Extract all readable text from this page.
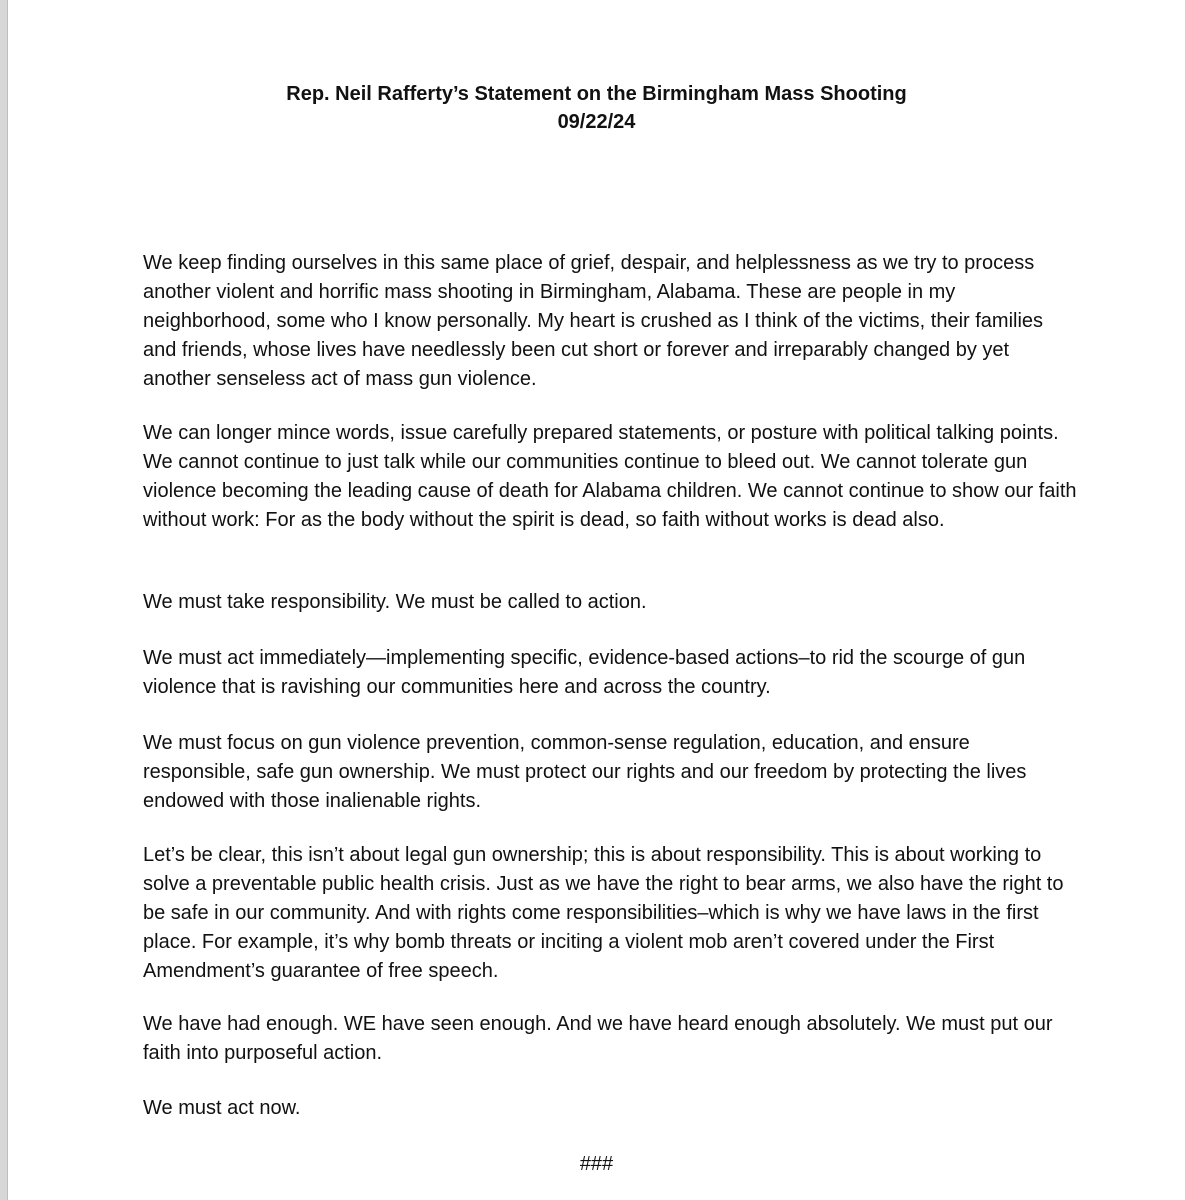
Rep. Neil Rafferty’s Statement on the Birmingham Mass Shooting
09/22/24

We keep finding ourselves in this same place of grief, despair, and helplessness as we try to process another violent and horrific mass shooting in Birmingham, Alabama. These are people in my neighborhood, some who I know personally. My heart is crushed as I think of the victims, their families and friends, whose lives have needlessly been cut short or forever and irreparably changed by yet another senseless act of mass gun violence.

We can longer mince words, issue carefully prepared statements, or posture with political talking points. We cannot continue to just talk while our communities continue to bleed out. We cannot tolerate gun violence becoming the leading cause of death for Alabama children. We cannot continue to show our faith without work: For as the body without the spirit is dead, so faith without works is dead also.

We must take responsibility. We must be called to action.

We must act immediately—implementing specific, evidence-based actions–to rid the scourge of gun violence that is ravishing our communities here and across the country.

We must focus on gun violence prevention, common-sense regulation, education, and ensure responsible, safe gun ownership. We must protect our rights and our freedom by protecting the lives endowed with those inalienable rights.

Let’s be clear, this isn’t about legal gun ownership; this is about responsibility. This is about working to solve a preventable public health crisis. Just as we have the right to bear arms, we also have the right to be safe in our community. And with rights come responsibilities–which is why we have laws in the first place. For example, it’s why bomb threats or inciting a violent mob aren’t covered under the First Amendment’s guarantee of free speech.

We have had enough. WE have seen enough. And we have heard enough absolutely. We must put our faith into purposeful action.

We must act now.

###
